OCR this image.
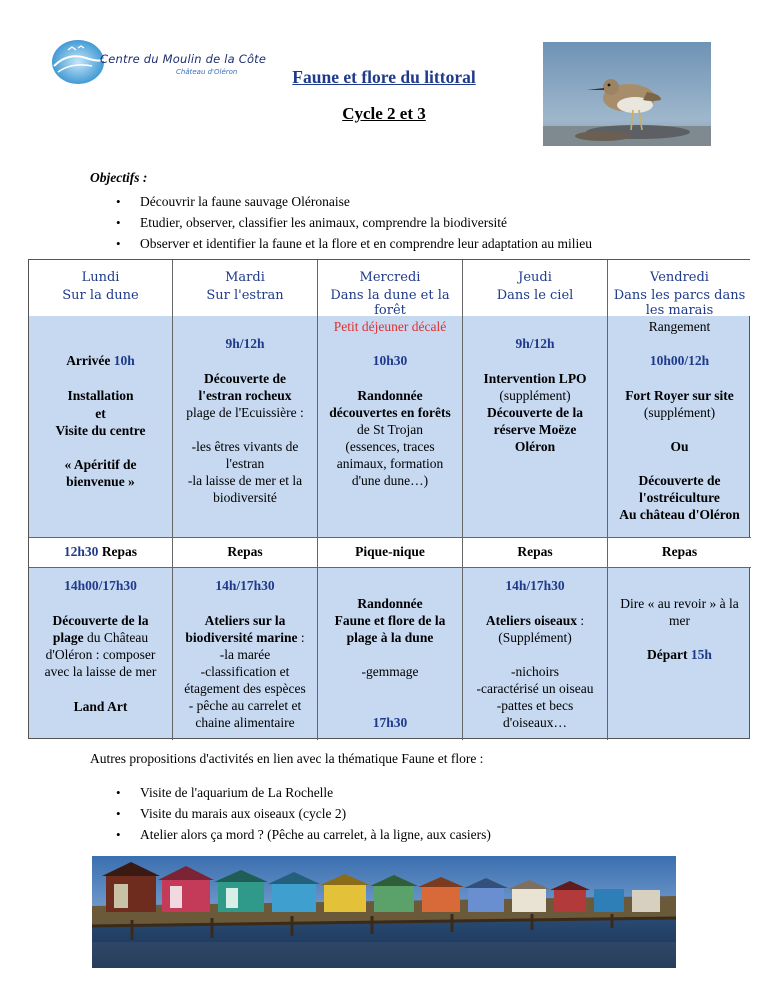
Centre du Moulin de la Côte
Château d'Oléron	Faune et flore du littoral
Cycle 2 et 3
Objectifs :
• Découvrir la faune sauvage Oléronaise
• Etudier, observer, classifier les animaux, comprendre la biodiversité
• Observer et identifier la faune et la flore et en comprendre leur adaptation au milieu
Lundi
Sur la dune
Arrivée 10h
Installation
et
Visite du centre
« Apéritif de
bienvenue »
12h30 Repas
14h00/17h30
Découverte de la
plage du Château
d'Oléron : composer
avec la laisse de mer
Land Art
Mardi
Sur l'estran
9h/12h
Découverte de
l'estran rocheux
plage de l'Ecuissière :
-les êtres vivants de
l'estran
-la laisse de mer et la
biodiversité
Repas
14h/17h30
Ateliers sur la
biodiversité marine :
-la marée
-classification et
étagement des espèces
- pêche au carrelet et
chaine alimentaire
Mercredi
Dans la dune et la
forêt
Petit déjeuner décalé
10h30
Randonnée
découvertes en forêts
de St Trojan
(essences, traces
animaux, formation
d'une dune…)
Pique-nique
Randonnée
Faune et flore de la
plage à la dune
-gemmage
17h30
Jeudi
Dans le ciel
9h/12h
Intervention LPO
(supplément)
Découverte de la
réserve Moëze
Oléron
Repas
14h/17h30
Ateliers oiseaux :
(Supplément)
-nichoirs
-caractérisé un oiseau
-pattes et becs
d'oiseaux…
Vendredi
Dans les parcs dans
les marais
Rangement
10h00/12h
Fort Royer sur site
(supplément)
Ou
Découverte de
l'ostréiculture
Au château d'Oléron
Repas
Dire « au revoir » à la
mer
Départ 15h
Autres propositions d'activités en lien avec la thématique Faune et flore :
• Visite de l'aquarium de La Rochelle
• Visite du marais aux oiseaux (cycle 2)
• Atelier alors ça mord ? (Pêche au carrelet, à la ligne, aux casiers)
